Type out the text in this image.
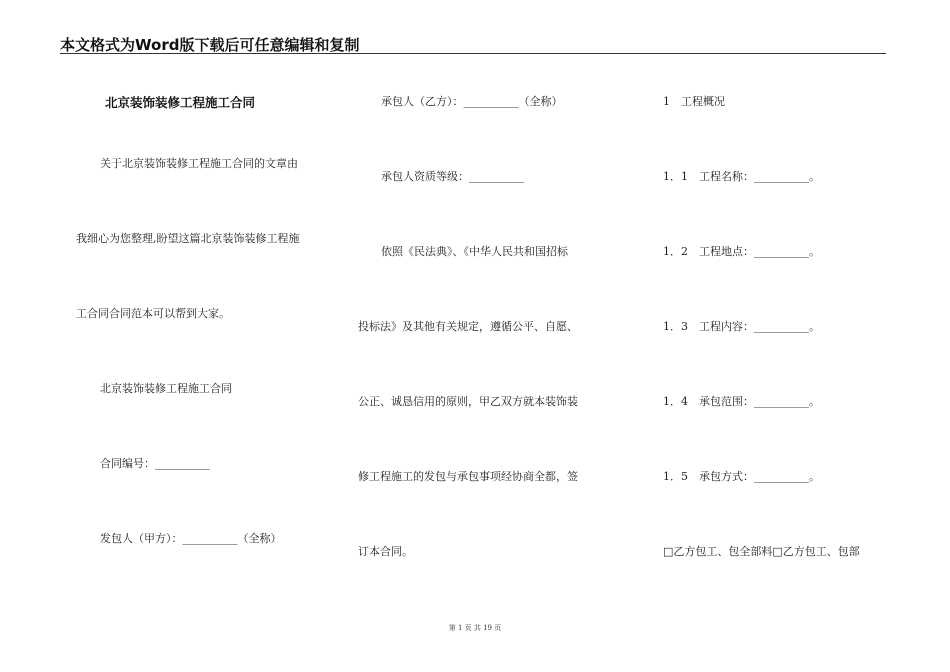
本文格式为Word版下载后可任意编辑和复制
北京装饰装修工程施工合同
关于北京装饰装修工程施工合同的文章由
我细心为您整理,盼望这篇北京装饰装修工程施
工合同合同范本可以帮到大家。
北京装饰装修工程施工合同
合同编号：__________
发包人（甲方）：__________（全称）
承包人（乙方）：__________（全称）
承包人资质等级：__________
依照《民法典》、《中华人民共和国招标
投标法》及其他有关规定，遵循公平、自愿、
公正、诚恳信用的原则，甲乙双方就本装饰装
修工程施工的发包与承包事项经协商全都，签
订本合同。
1　工程概况
1．1　工程名称：__________。
1．2　工程地点：__________。
1．3　工程内容：__________。
1．4　承包范围：__________。
1．5　承包方式：__________。
□乙方包工、包全部料□乙方包工、包部
第 1 页 共 19 页
